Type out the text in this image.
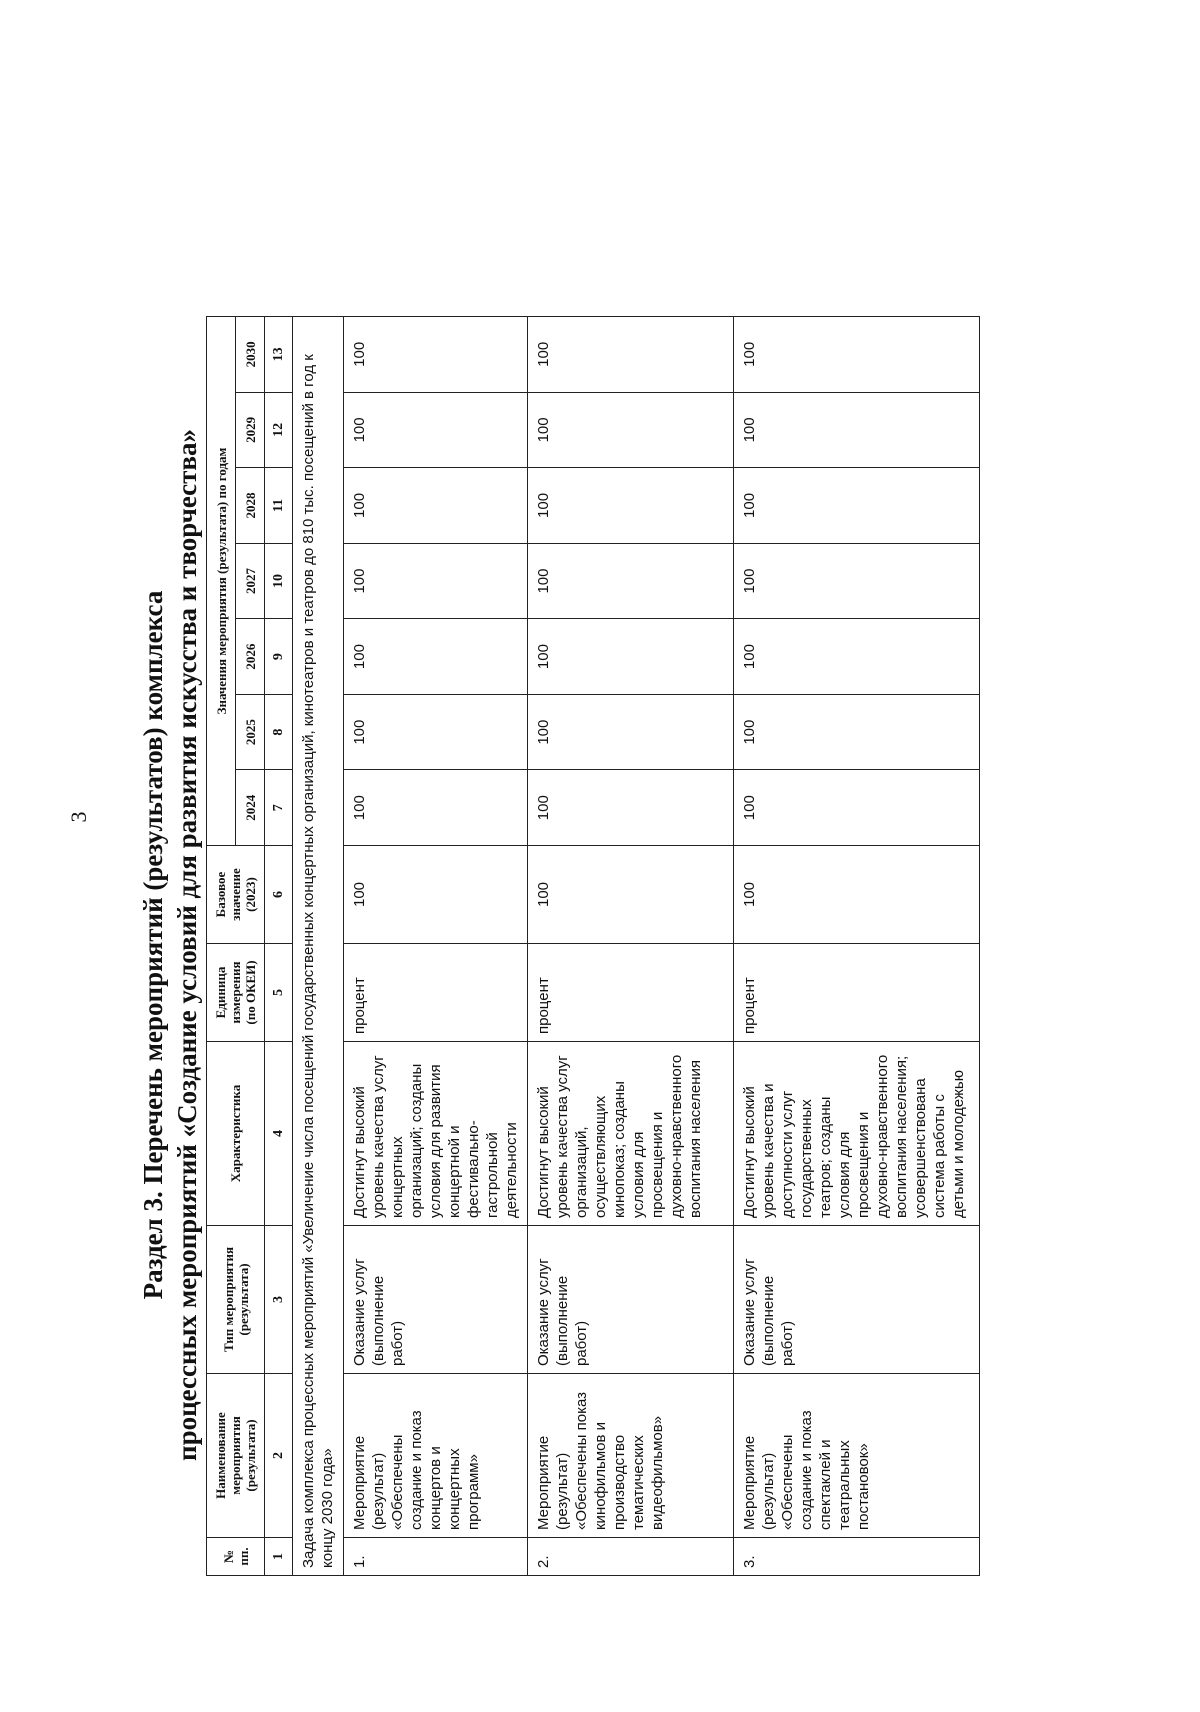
3 Раздел 3. Перечень мероприятий (результатов) комплекса процессных мероприятий «Создание условий для развития искусства и творчества»
№ пп.	Наименование мероприятия (результата)	Тип мероприятия (результата)	Характеристика	Единица измерения (по ОКЕИ)	Базовое значение (2023)	Значения мероприятия (результата) по годам						
						2024	2025	2026	2027	2028	2029	2030
1	2	3	4	5	6	7	8	9	10	11	12	13
Задача комплекса процессных мероприятий «Увеличение числа посещений государственных концертных организаций, кинотеатров и театров до 810 тыс. посещений в год к концу 2030 года»												
1.	Мероприятие (результат) «Обеспечены создание и показ концертов и концертных программ»	Оказание услуг (выполнение работ)	Достигнут высокий уровень качества услуг концертных организаций; созданы условия для развития концертной и фестивально-гастрольной деятельности	процент	100	100	100	100	100	100	100	100
2.	Мероприятие (результат) «Обеспечены показ кинофильмов и производство тематических видеофильмов»	Оказание услуг (выполнение работ)	Достигнут высокий уровень качества услуг организаций, осуществляющих кинопоказ; созданы условия для просвещения и духовно-нравственного воспитания населения	процент	100	100	100	100	100	100	100	100
3.	Мероприятие (результат) «Обеспечены создание и показ спектаклей и театральных постановок»	Оказание услуг (выполнение работ)	Достигнут высокий уровень качества и доступности услуг государственных театров; созданы условия для просвещения и духовно-нравственного воспитания населения; усовершенствована система работы с детьми и молодежью	процент	100	100	100	100	100	100	100	100
